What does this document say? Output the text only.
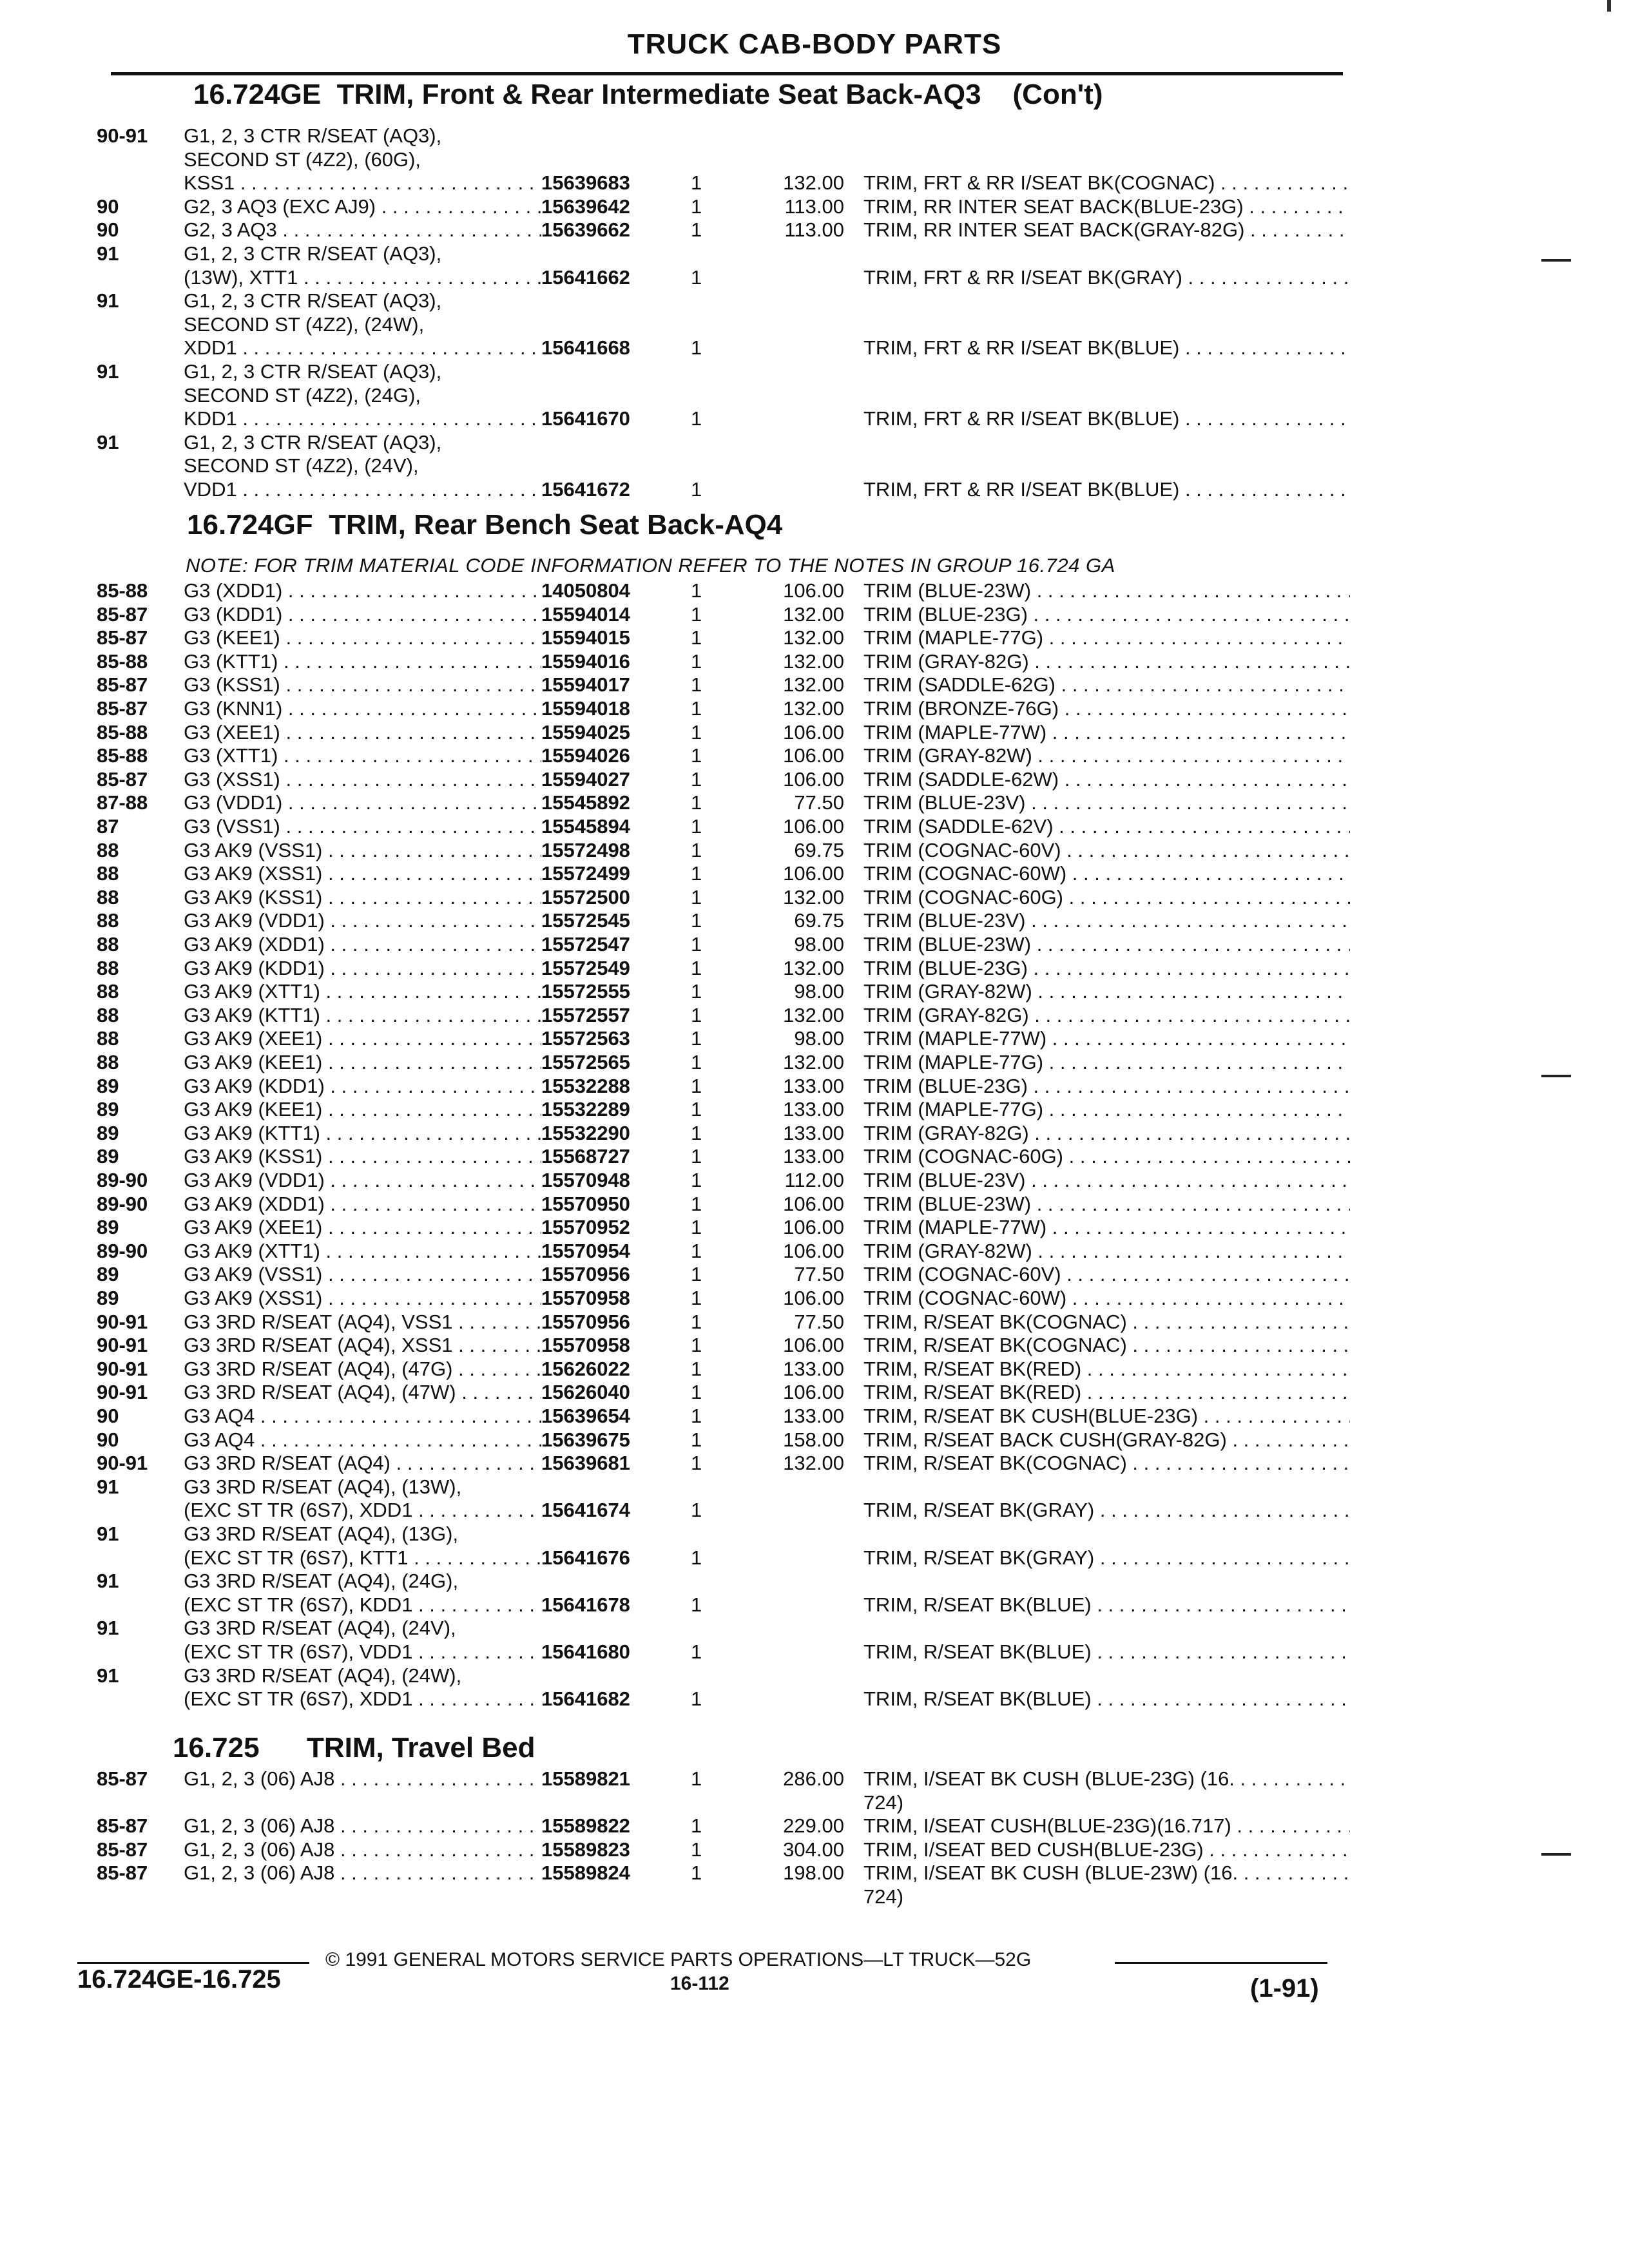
TRUCK CAB-BODY PARTS
16.724GE TRIM, Front & Rear Intermediate Seat Back-AQ3 (Con't)
90-91	G1, 2, 3 CTR R/SEAT (AQ3),
SECOND ST (4Z2), (60G),
KSS1 . . .	15639683	1	132.00 TRIM, FRT & RR I/SEAT BK(COGNAC) . . .
90	G2, 3 AQ3 (EXC AJ9) . . .	15639642	1	113.00 TRIM, RR INTER SEAT BACK(BLUE-23G) . . .
90	G2, 3 AQ3 . . .	15639662	1	113.00 TRIM, RR INTER SEAT BACK(GRAY-82G) . . .
91	G1, 2, 3 CTR R/SEAT (AQ3),
(13W), XTT1 . . .	15641662	1	TRIM, FRT & RR I/SEAT BK(GRAY) . . .
91	G1, 2, 3 CTR R/SEAT (AQ3),
SECOND ST (4Z2), (24W),
XDD1 . . .	15641668	1	TRIM, FRT & RR I/SEAT BK(BLUE) . . .
91	G1, 2, 3 CTR R/SEAT (AQ3),
SECOND ST (4Z2), (24G),
KDD1 . . .	15641670	1	TRIM, FRT & RR I/SEAT BK(BLUE) . . .
91	G1, 2, 3 CTR R/SEAT (AQ3),
SECOND ST (4Z2), (24V),
VDD1 . . .	15641672	1	TRIM, FRT & RR I/SEAT BK(BLUE) . . .
16.724GF TRIM, Rear Bench Seat Back-AQ4
NOTE: FOR TRIM MATERIAL CODE INFORMATION REFER TO THE NOTES IN GROUP 16.724 GA
85-88	G3 (XDD1) . . .	14050804	1	106.00 TRIM (BLUE-23W) . . .
85-87	G3 (KDD1) . . .	15594014	1	132.00 TRIM (BLUE-23G) . . .
85-87	G3 (KEE1) . . .	15594015	1	132.00 TRIM (MAPLE-77G) . . .
85-88	G3 (KTT1) . . .	15594016	1	132.00 TRIM (GRAY-82G) . . .
85-87	G3 (KSS1) . . .	15594017	1	132.00 TRIM (SADDLE-62G) . . .
85-87	G3 (KNN1) . . .	15594018	1	132.00 TRIM (BRONZE-76G) . . .
85-88	G3 (XEE1) . . .	15594025	1	106.00 TRIM (MAPLE-77W) . . .
85-88	G3 (XTT1) . . .	15594026	1	106.00 TRIM (GRAY-82W) . . .
85-87	G3 (XSS1) . . .	15594027	1	106.00 TRIM (SADDLE-62W) . . .
87-88	G3 (VDD1) . . .	15545892	1	77.50 TRIM (BLUE-23V) . . .
87	G3 (VSS1) . . .	15545894	1	106.00 TRIM (SADDLE-62V) . . .
88	G3 AK9 (VSS1) . . .	15572498	1	69.75 TRIM (COGNAC-60V) . . .
88	G3 AK9 (XSS1) . . .	15572499	1	106.00 TRIM (COGNAC-60W) . . .
88	G3 AK9 (KSS1) . . .	15572500	1	132.00 TRIM (COGNAC-60G) . . .
88	G3 AK9 (VDD1) . . .	15572545	1	69.75 TRIM (BLUE-23V) . . .
88	G3 AK9 (XDD1) . . .	15572547	1	98.00 TRIM (BLUE-23W) . . .
88	G3 AK9 (KDD1) . . .	15572549	1	132.00 TRIM (BLUE-23G) . . .
88	G3 AK9 (XTT1) . . .	15572555	1	98.00 TRIM (GRAY-82W) . . .
88	G3 AK9 (KTT1) . . .	15572557	1	132.00 TRIM (GRAY-82G) . . .
88	G3 AK9 (XEE1) . . .	15572563	1	98.00 TRIM (MAPLE-77W) . . .
88	G3 AK9 (KEE1) . . .	15572565	1	132.00 TRIM (MAPLE-77G) . . .
89	G3 AK9 (KDD1) . . .	15532288	1	133.00 TRIM (BLUE-23G) . . .
89	G3 AK9 (KEE1) . . .	15532289	1	133.00 TRIM (MAPLE-77G) . . .
89	G3 AK9 (KTT1) . . .	15532290	1	133.00 TRIM (GRAY-82G) . . .
89	G3 AK9 (KSS1) . . .	15568727	1	133.00 TRIM (COGNAC-60G) . . .
89-90	G3 AK9 (VDD1) . . .	15570948	1	112.00 TRIM (BLUE-23V) . . .
89-90	G3 AK9 (XDD1) . . .	15570950	1	106.00 TRIM (BLUE-23W) . . .
89	G3 AK9 (XEE1) . . .	15570952	1	106.00 TRIM (MAPLE-77W) . . .
89-90	G3 AK9 (XTT1) . . .	15570954	1	106.00 TRIM (GRAY-82W) . . .
89	G3 AK9 (VSS1) . . .	15570956	1	77.50 TRIM (COGNAC-60V) . . .
89	G3 AK9 (XSS1) . . .	15570958	1	106.00 TRIM (COGNAC-60W) . . .
90-91	G3 3RD R/SEAT (AQ4), VSS1 . . .	15570956	1	77.50 TRIM, R/SEAT BK(COGNAC) . . .
90-91	G3 3RD R/SEAT (AQ4), XSS1 . . .	15570958	1	106.00 TRIM, R/SEAT BK(COGNAC) . . .
90-91	G3 3RD R/SEAT (AQ4), (47G) . . .	15626022	1	133.00 TRIM, R/SEAT BK(RED) . . .
90-91	G3 3RD R/SEAT (AQ4), (47W) . . .	15626040	1	106.00 TRIM, R/SEAT BK(RED) . . .
90	G3 AQ4 . . .	15639654	1	133.00 TRIM, R/SEAT BK CUSH(BLUE-23G) . . .
90	G3 AQ4 . . .	15639675	1	158.00 TRIM, R/SEAT BACK CUSH(GRAY-82G) . . .
90-91	G3 3RD R/SEAT (AQ4) . . .	15639681	1	132.00 TRIM, R/SEAT BK(COGNAC) . . .
91	G3 3RD R/SEAT (AQ4), (13W),
(EXC ST TR (6S7), XDD1 . . .	15641674	1	TRIM, R/SEAT BK(GRAY) . . .
91	G3 3RD R/SEAT (AQ4), (13G),
(EXC ST TR (6S7), KTT1 . . .	15641676	1	TRIM, R/SEAT BK(GRAY) . . .
91	G3 3RD R/SEAT (AQ4), (24G),
(EXC ST TR (6S7), KDD1 . . .	15641678	1	TRIM, R/SEAT BK(BLUE) . . .
91	G3 3RD R/SEAT (AQ4), (24V),
(EXC ST TR (6S7), VDD1 . . .	15641680	1	TRIM, R/SEAT BK(BLUE) . . .
91	G3 3RD R/SEAT (AQ4), (24W),
(EXC ST TR (6S7), XDD1 . . .	15641682	1	TRIM, R/SEAT BK(BLUE) . . .
16.725 TRIM, Travel Bed
85-87	G1, 2, 3 (06) AJ8 . . .	15589821	1	286.00 TRIM, I/SEAT BK CUSH (BLUE-23G) (16. . . .
724)
85-87	G1, 2, 3 (06) AJ8 . . .	15589822	1	229.00 TRIM, I/SEAT CUSH(BLUE-23G)(16.717) . . .
85-87	G1, 2, 3 (06) AJ8 . . .	15589823	1	304.00 TRIM, I/SEAT BED CUSH(BLUE-23G) . . .
85-87	G1, 2, 3 (06) AJ8 . . .	15589824	1	198.00 TRIM, I/SEAT BK CUSH (BLUE-23W) (16. . . .
724)
© 1991 GENERAL MOTORS SERVICE PARTS OPERATIONS—LT TRUCK—52G
16.724GE-16.725	16-112	(1-91)
